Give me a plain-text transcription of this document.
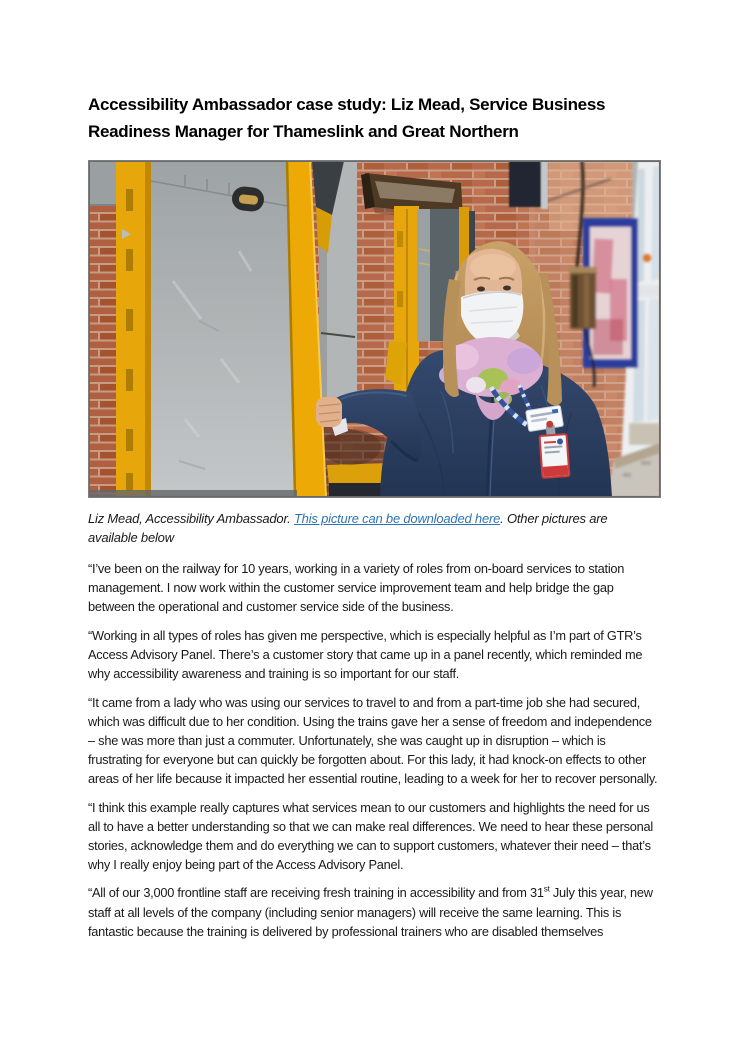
Accessibility Ambassador case study: Liz Mead, Service Business
Readiness Manager for Thameslink and Great Northern

Liz Mead, Accessibility Ambassador. This picture can be downloaded here. Other pictures are available below

“I’ve been on the railway for 10 years, working in a variety of roles from on-board services to station management. I now work within the customer service improvement team and help bridge the gap between the operational and customer service side of the business.

“Working in all types of roles has given me perspective, which is especially helpful as I’m part of GTR’s Access Advisory Panel. There’s a customer story that came up in a panel recently, which reminded me why accessibility awareness and training is so important for our staff.

“It came from a lady who was using our services to travel to and from a part-time job she had secured, which was difficult due to her condition. Using the trains gave her a sense of freedom and independence – she was more than just a commuter. Unfortunately, she was caught up in disruption – which is frustrating for everyone but can quickly be forgotten about. For this lady, it had knock-on effects to other areas of her life because it impacted her essential routine, leading to a week for her to recover personally.

“I think this example really captures what services mean to our customers and highlights the need for us all to have a better understanding so that we can make real differences. We need to hear these personal stories, acknowledge them and do everything we can to support customers, whatever their need – that’s why I really enjoy being part of the Access Advisory Panel.

“All of our 3,000 frontline staff are receiving fresh training in accessibility and from 31st July this year, new staff at all levels of the company (including senior managers) will receive the same learning. This is fantastic because the training is delivered by professional trainers who are disabled themselves
